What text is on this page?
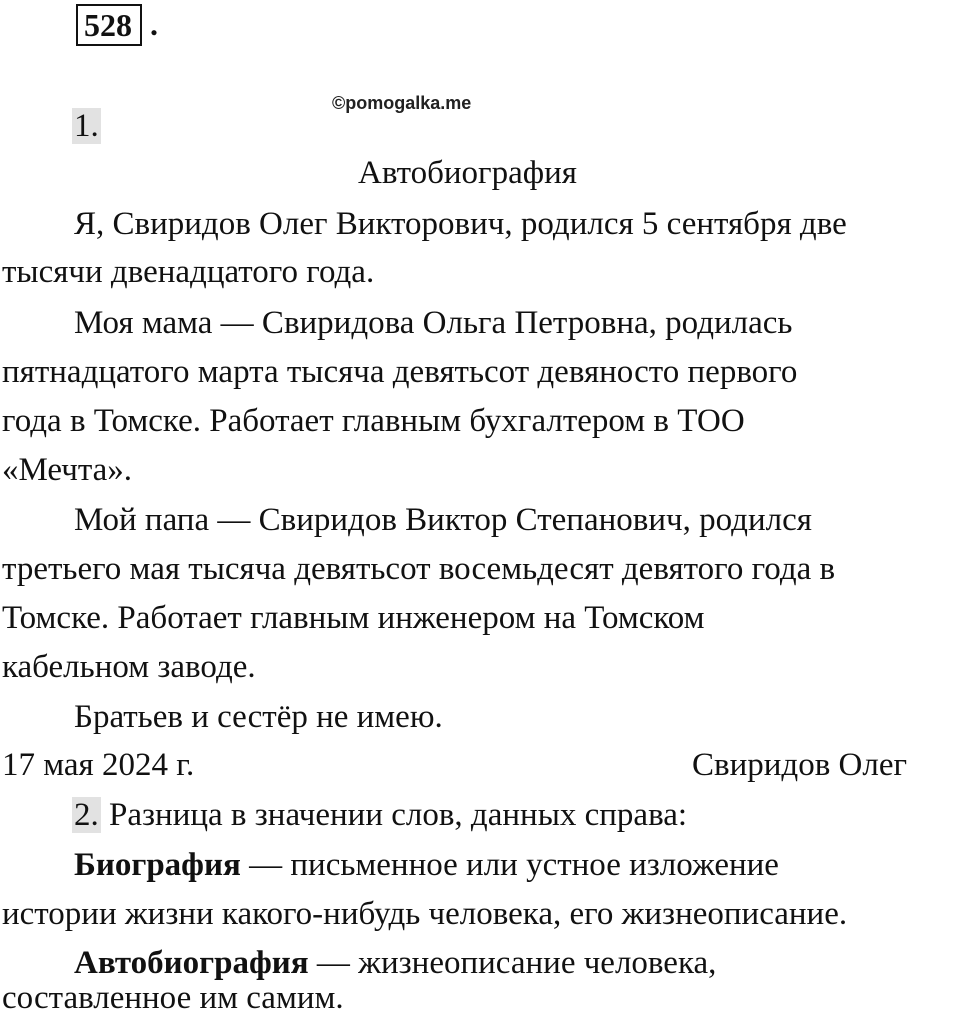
528 .
©pomogalka.me
1.
Автобиография
Я, Свиридов Олег Викторович, родился 5 сентября две
тысячи двенадцатого года.
Моя мама — Свиридова Ольга Петровна, родилась
пятнадцатого марта тысяча девятьсот девяносто первого
года в Томске. Работает главным бухгалтером в ТОО
«Мечта».
Мой папа — Свиридов Виктор Степанович, родился
третьего мая тысяча девятьсот восемьдесят девятого года в
Томске. Работает главным инженером на Томском
кабельном заводе.
Братьев и сестёр не имею.
17 мая 2024 г.	Свиридов Олег
2. Разница в значении слов, данных справа:
Биография — письменное или устное изложение
истории жизни какого-нибудь человека, его жизнеописание.
Автобиография — жизнеописание человека,
составленное им самим.
